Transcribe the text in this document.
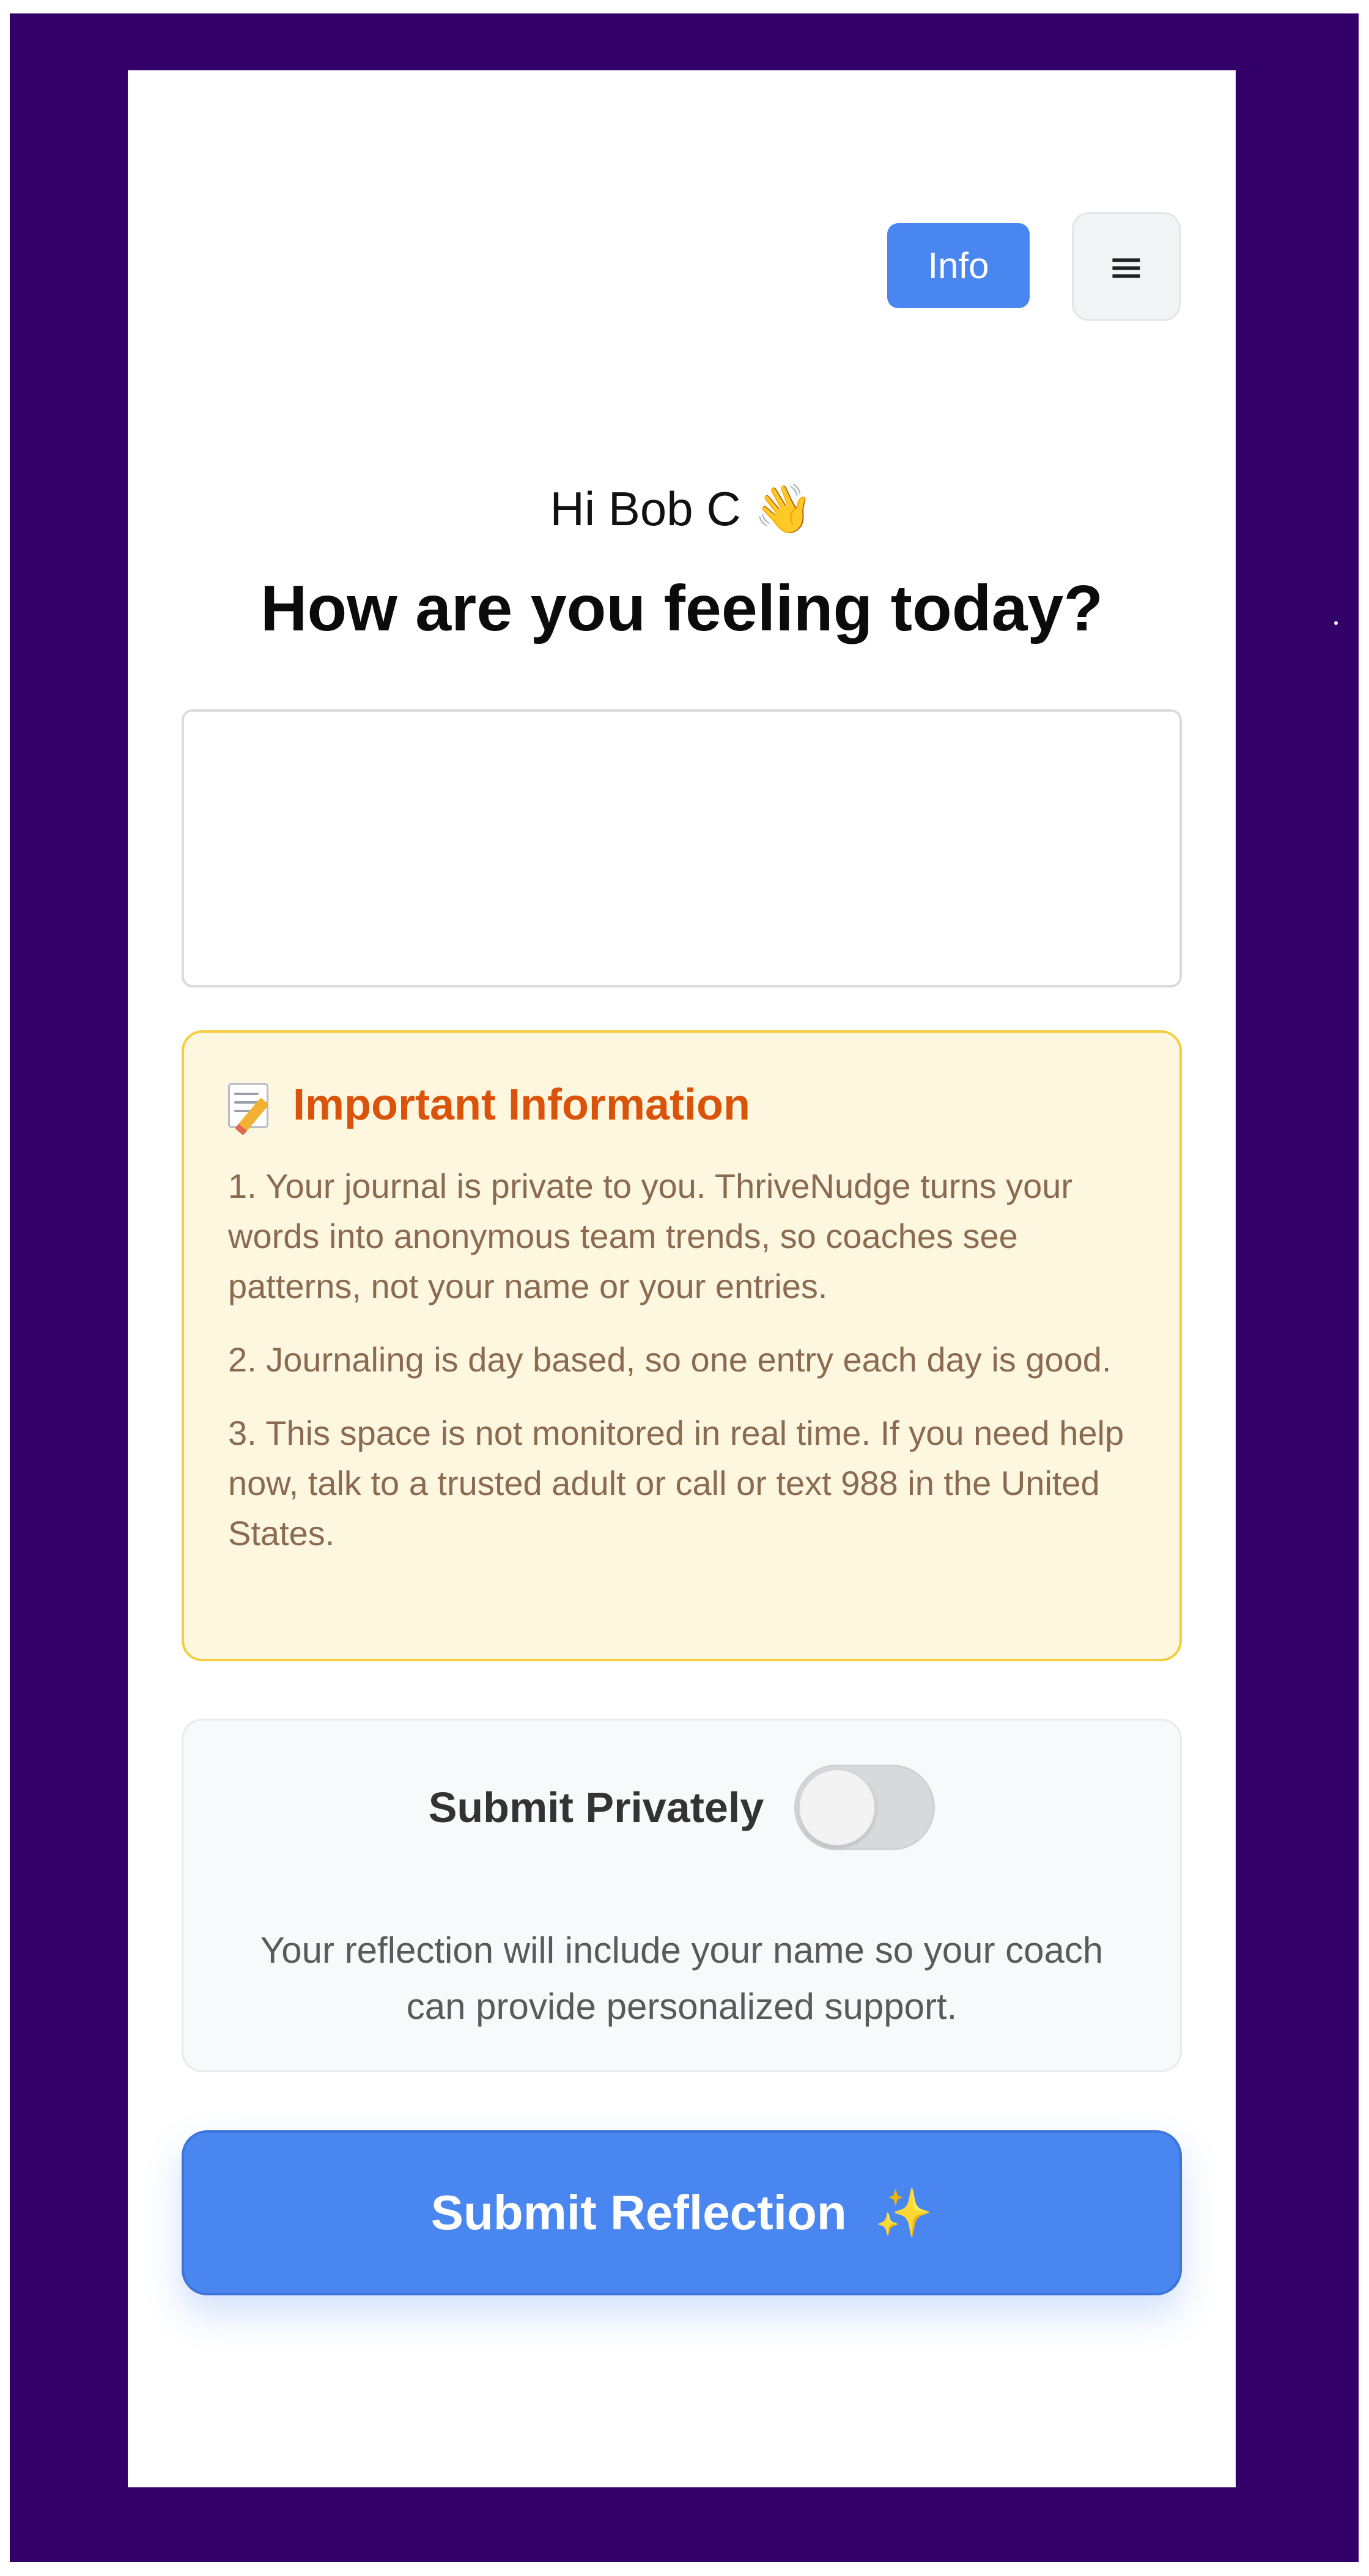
Info	≡
Hi Bob C 👋
How are you feeling today?
Important Information

1. Your journal is private to you. ThriveNudge turns your words into anonymous team trends, so coaches see patterns, not your name or your entries.

2. Journaling is day based, so one entry each day is good.

3. This space is not monitored in real time. If you need help now, talk to a trusted adult or call or text 988 in the United States.

Submit Privately

Your reflection will include your name so your coach can provide personalized support.

Submit Reflection ✨
